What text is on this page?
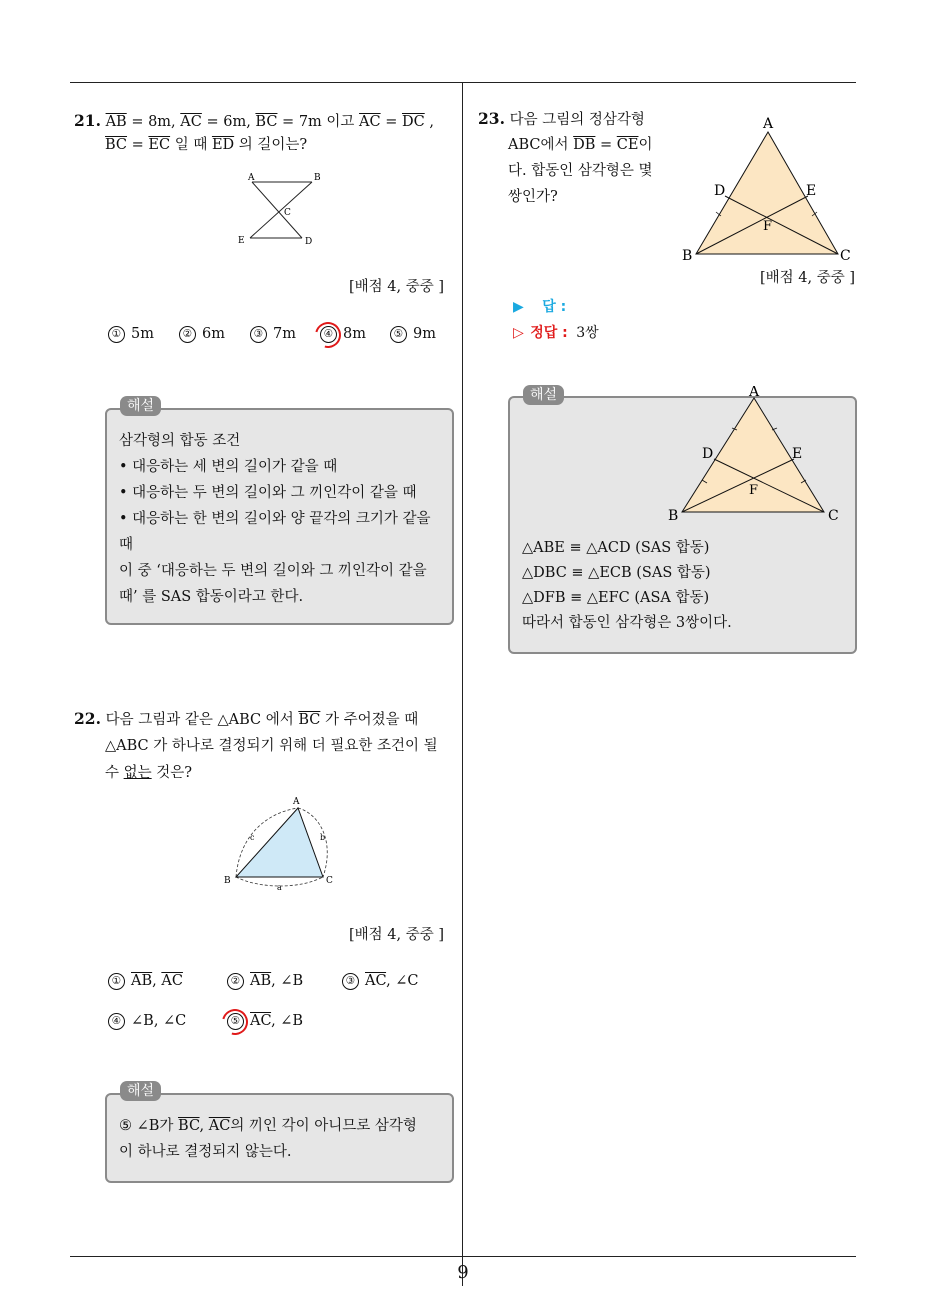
9
21. $\overline{AB} = 8m$, $\overline{AC} = 6m$, $\overline{BC} = 7m$ 이고 $\overline{AC} = \overline{DC}$ ,
$\overline{BC} = \overline{EC}$ 일 때 $\overline{ED}$ 의 길이는?
A	B
C
E	D
[배점 4, 중중 ]
① 5m	② 6m	③ 7m	④ 8m	⑤ 9m
삼각형의 합동 조건
• 대응하는 세 변의 길이가 같을 때
• 대응하는 두 변의 길이와 그 끼인각이 같을 때
• 대응하는 한 변의 길이와 양 끝각의 크기가 같을
때
이 중 ‘대응하는 두 변의 길이와 그 끼인각이 같을
때’ 를 SAS 합동이라고 한다.
해설
22. 다음 그림과 같은 △ABC 에서 $\overline{BC}$ 가 주어졌을 때
△ABC 가 하나로 결정되기 위해 더 필요한 조건이 될
수 없는 것은?
A
B	C
c	b
a
[배점 4, 중중 ]
① $\overline{AB}$, $\overline{AC}$	② $\overline{AB}$, ∠B	③ $\overline{AC}$, ∠C
④ ∠B, ∠C	⑤ $\overline{AC}$, ∠B
⑤ ∠B가 $\overline{BC}$, $\overline{AC}$의 끼인 각이 아니므로 삼각형
이 하나로 결정되지 않는다.
해설
23. 다음 그림의 정삼각형
ABC에서 $\overline{DB} = \overline{CE}$이
다. 합동인 삼각형은 몇
쌍인가?
A
D	E
F
B	C
[배점 4, 중중 ]
▶ 답 :
▷ 정답 : 3쌍
A
D	E
F
B	C
△ABE ≡ △ACD (SAS 합동)
△DBC ≡ △ECB (SAS 합동)
△DFB ≡ △EFC (ASA 합동)
따라서 합동인 삼각형은 3쌍이다.
해설
